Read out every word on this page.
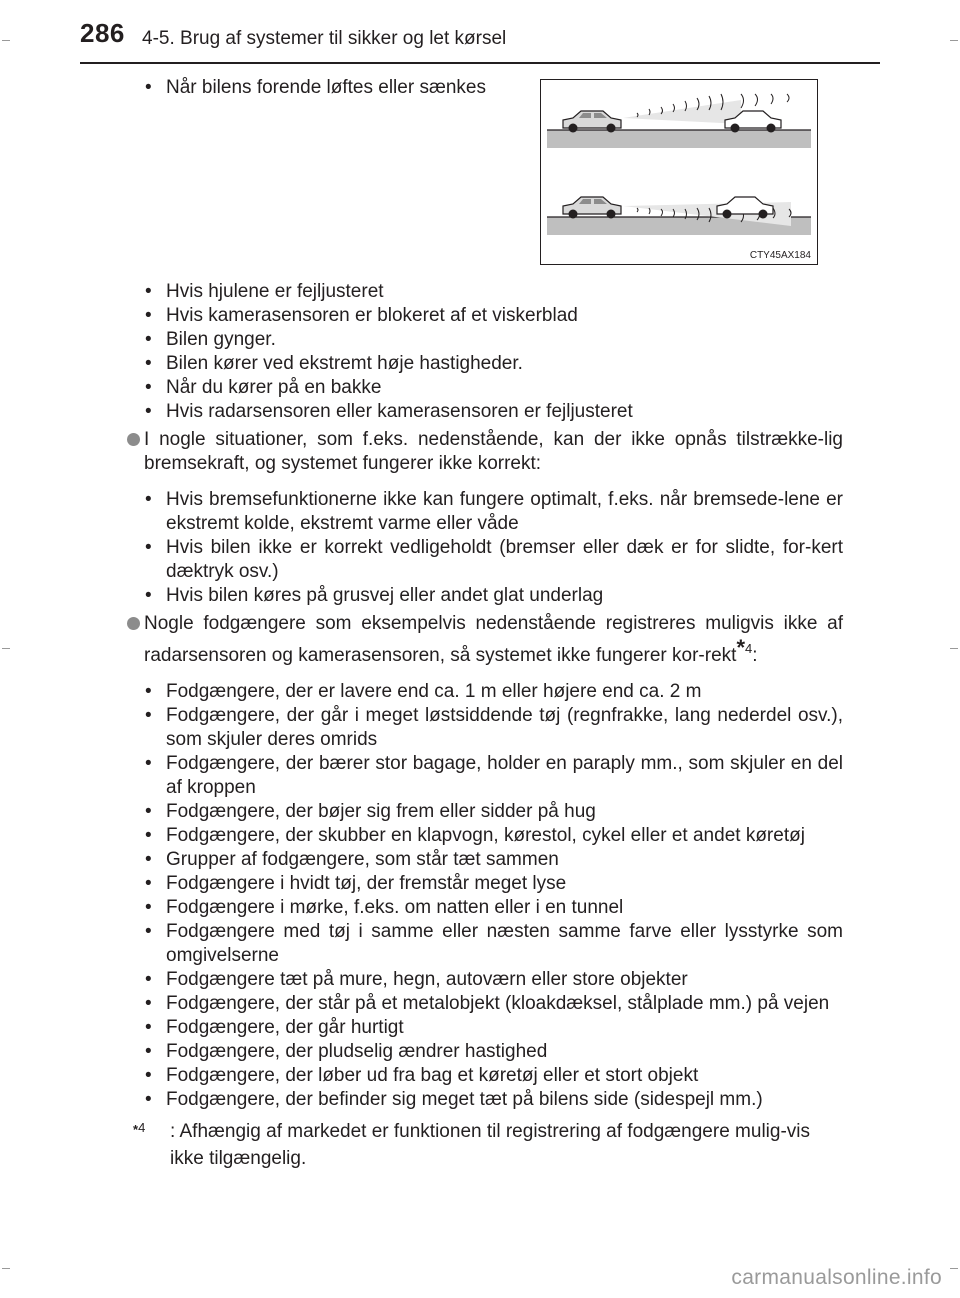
286 4-5. Brug af systemer til sikker og let kørsel
CTY45AX184
• Når bilens forende løftes eller sænkes
• Hvis hjulene er fejljusteret
• Hvis kamerasensoren er blokeret af et viskerblad
• Bilen gynger.
• Bilen kører ved ekstremt høje hastigheder.
• Når du kører på en bakke
• Hvis radarsensoren eller kamerasensoren er fejljusteret
I nogle situationer, som f.eks. nedenstående, kan der ikke opnås tilstrække-lig bremsekraft, og systemet fungerer ikke korrekt:
• Hvis bremsefunktionerne ikke kan fungere optimalt, f.eks. når bremsede-lene er ekstremt kolde, ekstremt varme eller våde
• Hvis bilen ikke er korrekt vedligeholdt (bremser eller dæk er for slidte, for-kert dæktryk osv.)
• Hvis bilen køres på grusvej eller andet glat underlag
Nogle fodgængere som eksempelvis nedenstående registreres muligvis ikke af radarsensoren og kamerasensoren, så systemet ikke fungerer kor-rekt$^{*4}$:
• Fodgængere, der er lavere end ca. 1 m eller højere end ca. 2 m
• Fodgængere, der går i meget løstsiddende tøj (regnfrakke, lang nederdel osv.), som skjuler deres omrids
• Fodgængere, der bærer stor bagage, holder en paraply mm., som skjuler en del af kroppen
• Fodgængere, der bøjer sig frem eller sidder på hug
• Fodgængere, der skubber en klapvogn, kørestol, cykel eller et andet køretøj
• Grupper af fodgængere, som står tæt sammen
• Fodgængere i hvidt tøj, der fremstår meget lyse
• Fodgængere i mørke, f.eks. om natten eller i en tunnel
• Fodgængere med tøj i samme eller næsten samme farve eller lysstyrke som omgivelserne
• Fodgængere tæt på mure, hegn, autoværn eller store objekter
• Fodgængere, der står på et metalobjekt (kloakdæksel, stålplade mm.) på vejen
• Fodgængere, der går hurtigt
• Fodgængere, der pludselig ændrer hastighed
• Fodgængere, der løber ud fra bag et køretøj eller et stort objekt
• Fodgængere, der befinder sig meget tæt på bilens side (sidespejl mm.)
$^{*4}$ : Afhængig af markedet er funktionen til registrering af fodgængere mulig-vis ikke tilgængelig.
carmanualsonline.info
